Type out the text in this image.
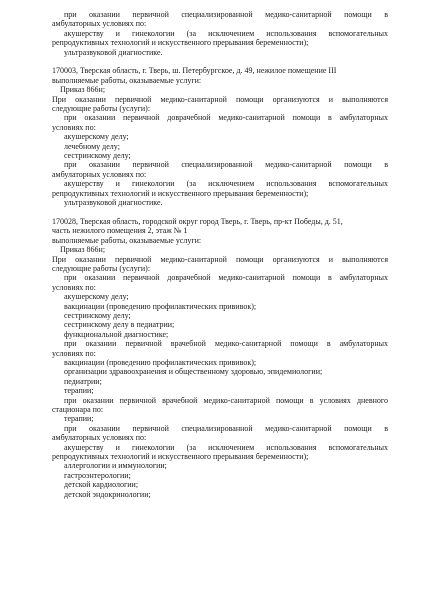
при оказании первичной специализированной медико-санитарной помощи в
амбулаторных условиях по:
акушерству и гинекологии (за исключением использования вспомогательных
репродуктивных технологий и искусственного прерывания беременности);
ультразвуковой диагностике.
170003, Тверская область, г. Тверь, ш. Петербургское, д. 49, нежилое помещение III
выполняемые работы, оказываемые услуги:
Приказ 866н;
При оказании первичной медико-санитарной помощи организуются и выполняются
следующие работы (услуги):
при оказании первичной доврачебной медико-санитарной помощи в амбулаторных
условиях по:
акушерскому делу;
лечебному делу;
сестринскому делу;
при оказании первичной специализированной медико-санитарной помощи в
амбулаторных условиях по:
акушерству и гинекологии (за исключением использования вспомогательных
репродуктивных технологий и искусственного прерывания беременности);
ультразвуковой диагностике.
170028, Тверская область, городской округ город Тверь, г. Тверь, пр-кт Победы, д. 51,
часть нежилого помещения 2, этаж № 1
выполняемые работы, оказываемые услуги:
Приказ 866н;
При оказании первичной медико-санитарной помощи организуются и выполняются
следующие работы (услуги):
при оказании первичной доврачебной медико-санитарной помощи в амбулаторных
условиях по:
акушерскому делу;
вакцинации (проведению профилактических прививок);
сестринскому делу;
сестринскому делу в педиатрии;
функциональной диагностике;
при оказании первичной врачебной медико-санитарной помощи в амбулаторных
условиях по:
вакцинации (проведению профилактических прививок);
организации здравоохранения и общественному здоровью, эпидемиологии;
педиатрии;
терапии;
при оказании первичной врачебной медико-санитарной помощи в условиях дневного
стационара по:
терапии;
при оказании первичной специализированной медико-санитарной помощи в
амбулаторных условиях по:
акушерству и гинекологии (за исключением использования вспомогательных
репродуктивных технологий и искусственного прерывания беременности);
аллергологии и иммунологии;
гастроэнтерологии;
детской кардиологии;
детской эндокринологии;
